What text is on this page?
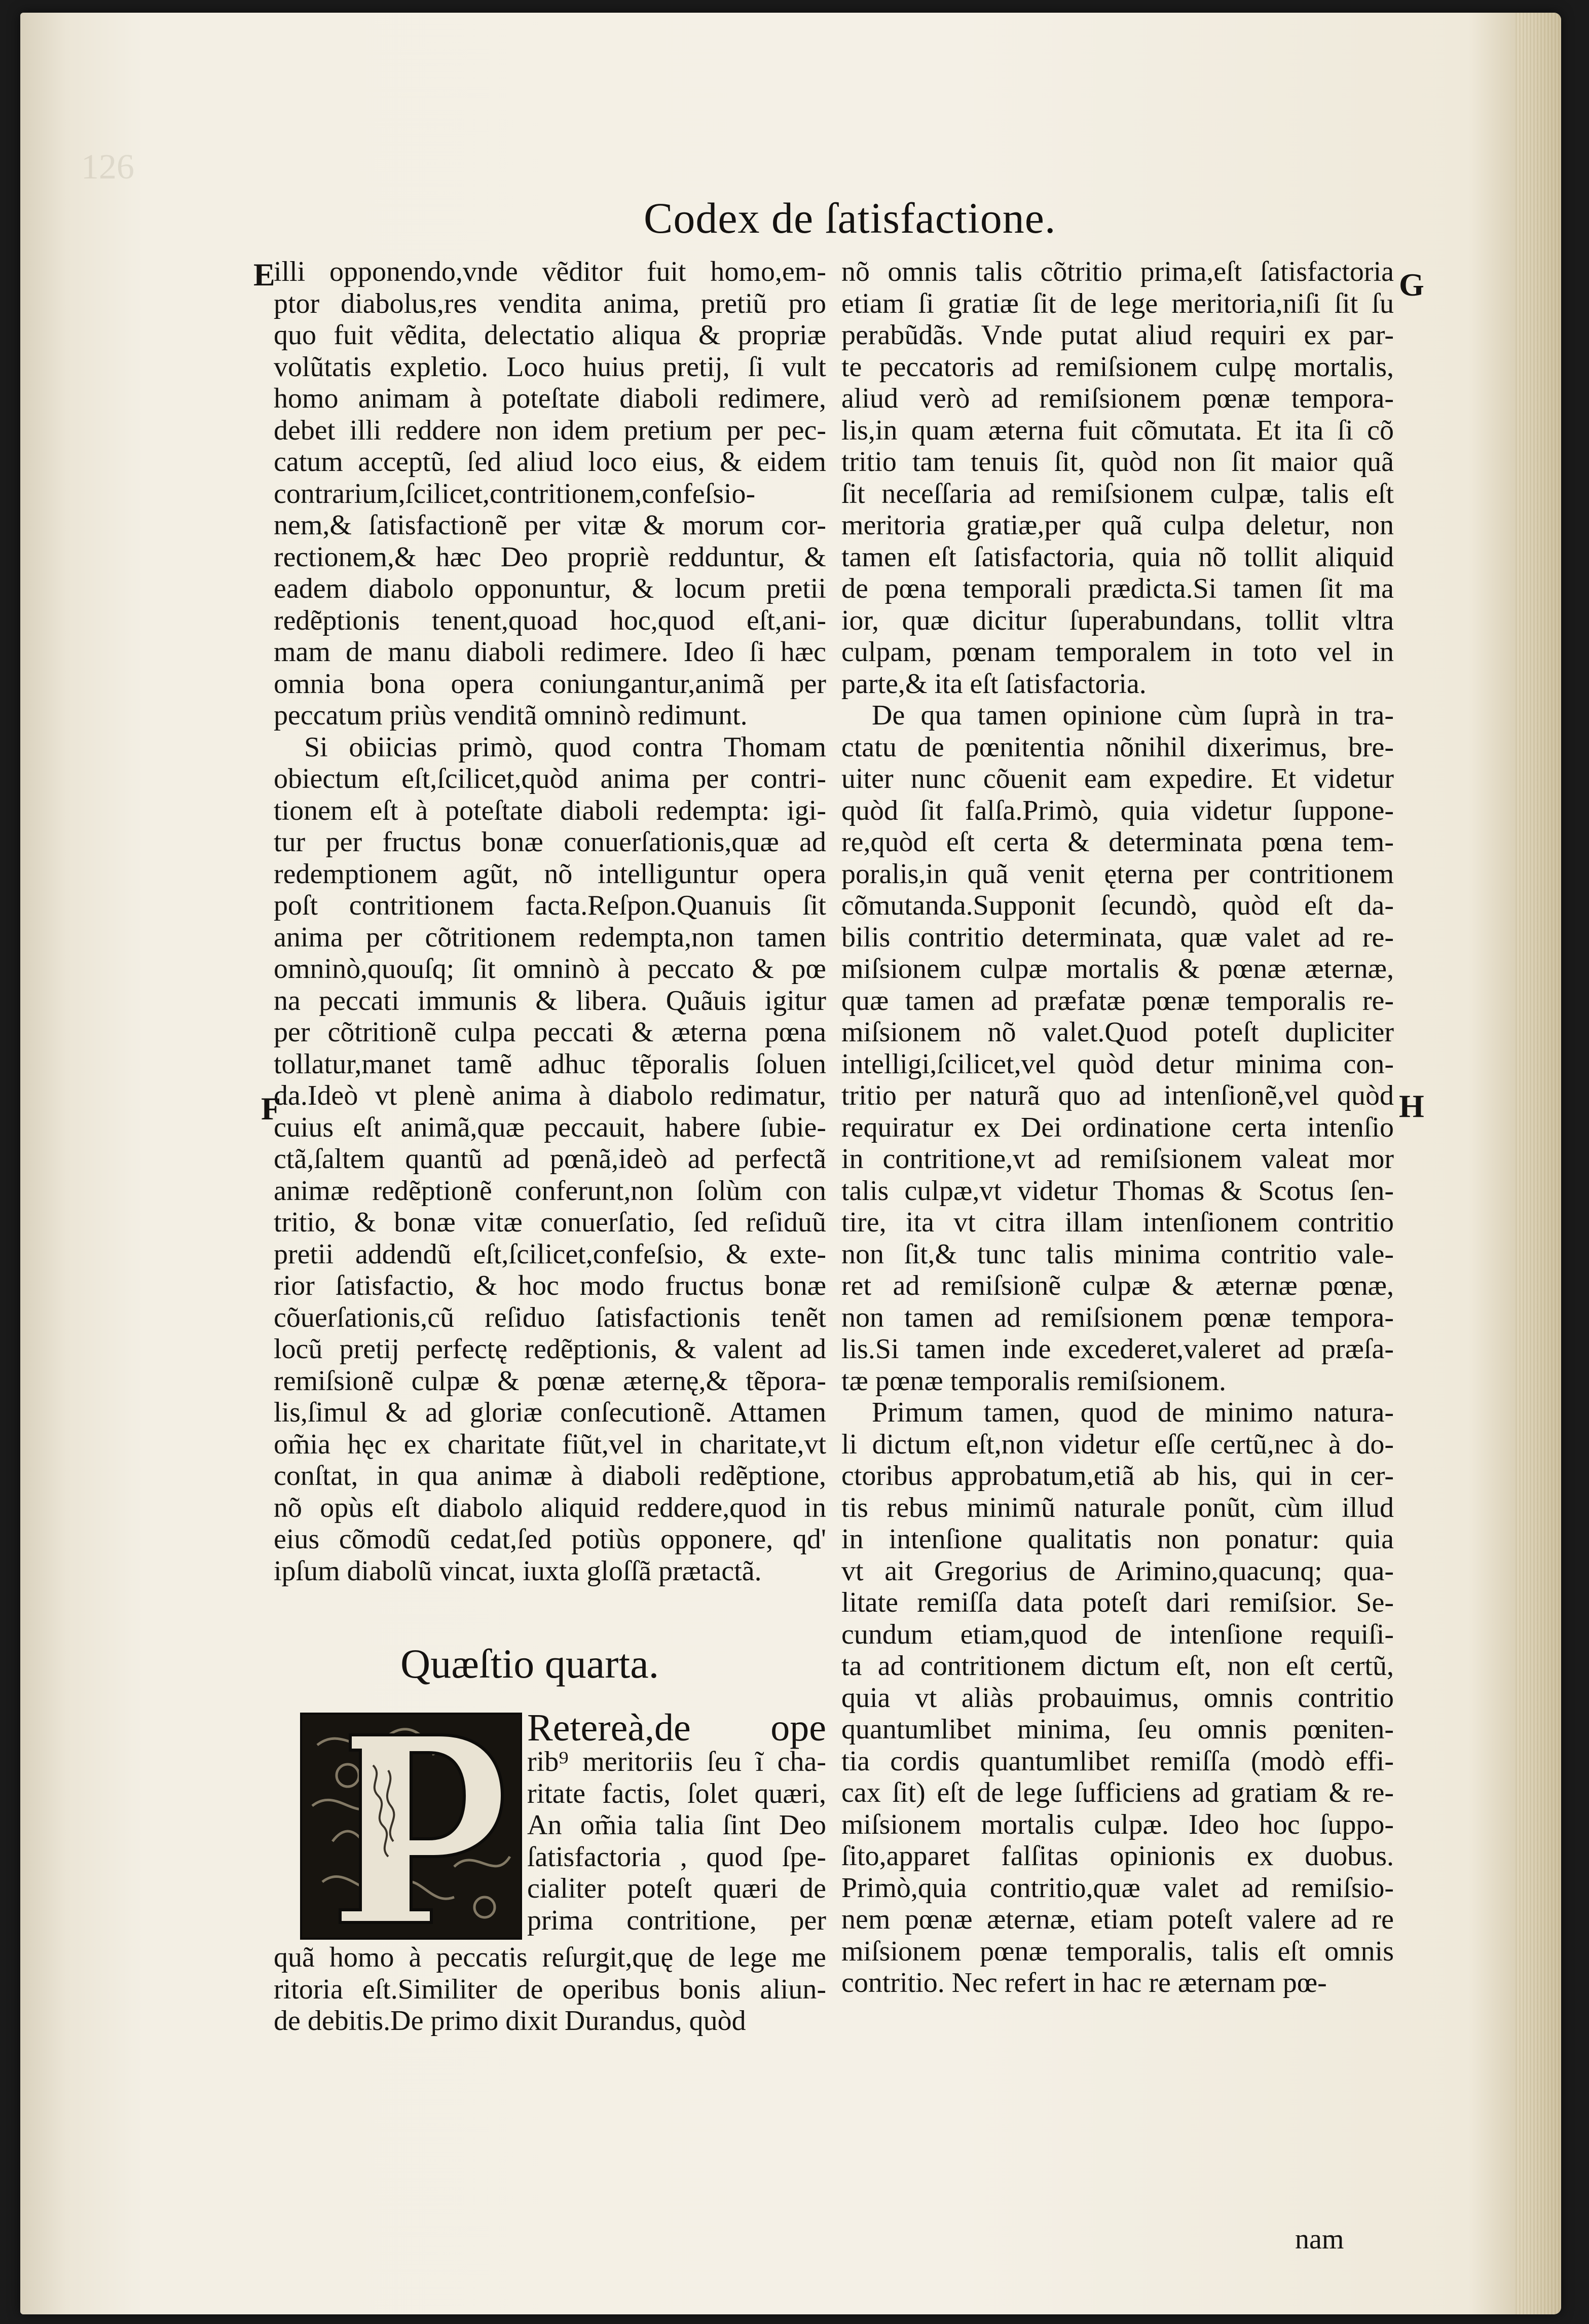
126
Codex de ſatisfactione.
E
F
G
H

illi opponendo,vnde vẽditor fuit homo,em-

ptor diabolus,res vendita anima, pretiũ pro

quo fuit vẽdita, delectatio aliqua & propriæ

volũtatis expletio. Loco huius pretij, ſi vult

homo animam à poteſtate diaboli redimere,

debet illi reddere non idem pretium per pec-

catum acceptũ, ſed aliud loco eius, & eidem

contrarium,ſcilicet,contritionem,confeſsio-

nem,& ſatisfactionẽ per vitæ & morum cor-

rectionem,& hæc Deo propriè redduntur, &

eadem diabolo opponuntur, & locum pretii

redẽptionis tenent,quoad hoc,quod eſt,ani-

mam de manu diaboli redimere. Ideo ſi hæc

omnia bona opera coniungantur,animã per

peccatum priùs venditã omninò redimunt.

Si obiicias primò, quod contra Thomam

obiectum eſt,ſcilicet,quòd anima per contri-

tionem eſt à poteſtate diaboli redempta: igi-

tur per fructus bonæ conuerſationis,quæ ad

redemptionem agũt, nõ intelliguntur opera

poſt contritionem facta.Reſpon.Quanuis ſit

anima per cõtritionem redempta,non tamen

omninò,quouſq; ſit omninò à peccato & pœ

na peccati immunis & libera. Quãuis igitur

per cõtritionẽ culpa peccati & æterna pœna

tollatur,manet tamẽ adhuc tẽporalis ſoluen

da.Ideò vt plenè anima à diabolo redimatur,

cuius eſt animã,quæ peccauit, habere ſubie-

ctã,ſaltem quantũ ad pœnã,ideò ad perfectã

animæ redẽptionẽ conferunt,non ſolùm con

tritio, & bonæ vitæ conuerſatio, ſed reſiduũ

pretii addendũ eſt,ſcilicet,confeſsio, & exte-

rior ſatisfactio, & hoc modo fructus bonæ

cõuerſationis,cũ reſiduo ſatisfactionis tenẽt

locũ pretij perfectę redẽptionis, & valent ad

remiſsionẽ culpæ & pœnæ æternę,& tẽpora-

lis,ſimul & ad gloriæ conſecutionẽ. Attamen

om̃ia hęc ex charitate fiũt,vel in charitate,vt

conſtat, in qua animæ à diaboli redẽptione,

nõ opùs eſt diabolo aliquid reddere,quod in

eius cõmodũ cedat,ſed potiùs opponere, qd'

ipſum diabolũ vincat, iuxta gloſſã prætactã.

Quæſtio quarta.

Retereà,de ope

rib⁹ meritoriis ſeu ĩ cha-

ritate factis, ſolet quæri,

An om̃ia talia ſint Deo

ſatisfactoria , quod ſpe-

cialiter poteſt quæri de

prima contritione, per

quã homo à peccatis reſurgit,quę de lege me

ritoria eſt.Similiter de operibus bonis aliun-

de debitis.De primo dixit Durandus, quòd

nõ omnis talis cõtritio prima,eſt ſatisfactoria

etiam ſi gratiæ ſit de lege meritoria,niſi ſit ſu

perabũdãs. Vnde putat aliud requiri ex par-

te peccatoris ad remiſsionem culpę mortalis,

aliud verò ad remiſsionem pœnæ tempora-

lis,in quam æterna fuit cõmutata. Et ita ſi cõ

tritio tam tenuis ſit, quòd non ſit maior quã

ſit neceſſaria ad remiſsionem culpæ, talis eſt

meritoria gratiæ,per quã culpa deletur, non

tamen eſt ſatisfactoria, quia nõ tollit aliquid

de pœna temporali prædicta.Si tamen ſit ma

ior, quæ dicitur ſuperabundans, tollit vltra

culpam, pœnam temporalem in toto vel in

parte,& ita eſt ſatisfactoria.

De qua tamen opinione cùm ſuprà in tra-

ctatu de pœnitentia nõnihil dixerimus, bre-

uiter nunc cõuenit eam expedire. Et videtur

quòd ſit falſa.Primò, quia videtur ſuppone-

re,quòd eſt certa & determinata pœna tem-

poralis,in quã venit ęterna per contritionem

cõmutanda.Supponit ſecundò, quòd eſt da-

bilis contritio determinata, quæ valet ad re-

miſsionem culpæ mortalis & pœnæ æternæ,

quæ tamen ad præfatæ pœnæ temporalis re-

miſsionem nõ valet.Quod poteſt dupliciter

intelligi,ſcilicet,vel quòd detur minima con-

tritio per naturã quo ad intenſionẽ,vel quòd

requiratur ex Dei ordinatione certa intenſio

in contritione,vt ad remiſsionem valeat mor

talis culpæ,vt videtur Thomas & Scotus ſen-

tire, ita vt citra illam intenſionem contritio

non ſit,& tunc talis minima contritio vale-

ret ad remiſsionẽ culpæ & æternæ pœnæ,

non tamen ad remiſsionem pœnæ tempora-

lis.Si tamen inde excederet,valeret ad præſa-

tæ pœnæ temporalis remiſsionem.

Primum tamen, quod de minimo natura-

li dictum eſt,non videtur eſſe certũ,nec à do-

ctoribus approbatum,etiã ab his, qui in cer-

tis rebus minimũ naturale ponũt, cùm illud

in intenſione qualitatis non ponatur: quia

vt ait Gregorius de Arimino,quacunq; qua-

litate remiſſa data poteſt dari remiſsior. Se-

cundum etiam,quod de intenſione requiſi-

ta ad contritionem dictum eſt, non eſt certũ,

quia vt aliàs probauimus, omnis contritio

quantumlibet minima, ſeu omnis pœniten-

tia cordis quantumlibet remiſſa (modò effi-

cax ſit) eſt de lege ſufficiens ad gratiam & re-

miſsionem mortalis culpæ. Ideo hoc ſuppo-

ſito,apparet falſitas opinionis ex duobus.

Primò,quia contritio,quæ valet ad remiſsio-

nem pœnæ æternæ, etiam poteſt valere ad re

miſsionem pœnæ temporalis, talis eſt omnis

contritio. Nec refert in hac re æternam pœ-

nam
